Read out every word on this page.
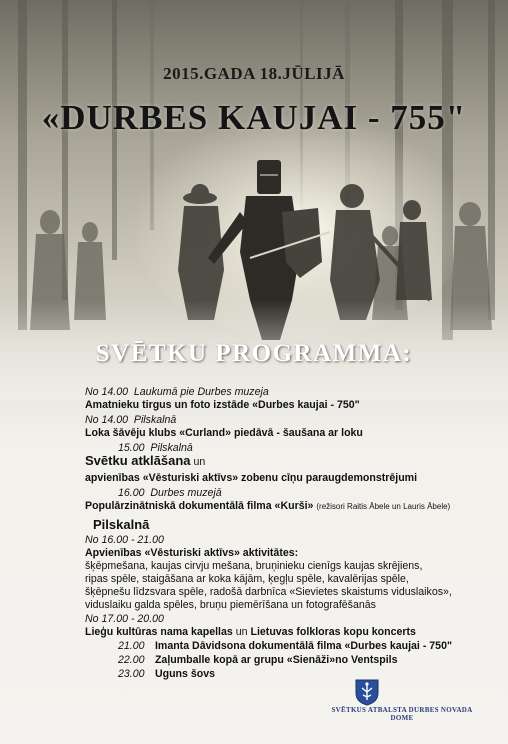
2015.GADA 18.JŪLIJĀ
«DURBES KAUJAI - 755"
SVĒTKU PROGRAMMA:
No 14.00 Laukumā pie Durbes muzeja
Amatnieku tirgus un foto izstāde «Durbes kaujai - 750"
No 14.00 Pilskalnā
Loka šāvēju klubs «Curland» piedāvā - šaušana ar loku
15.00 Pilskalnā
Svētku atklāšana un
apvienības «Vēsturiski aktīvs» zobenu cīņu paraugdemonstrējumi
16.00 Durbes muzejā
Populārzinātniskā dokumentālā filma «Kurši» (režisori Raitis Ābele un Lauris Ābele)
Pilskalnā
No 16.00 - 21.00
Apvienības «Vēsturiski aktīvs» aktivitātes:
šķēpmešana, kaujas cirvju mešana, bruņinieku cienīgs kaujas skrējiens,
ripas spēle, staigāšana ar koka kājām, ķegļu spēle, kavalērijas spēle,
šķēpnešu līdzsvara spēle, radošā darbnīca «Sievietes skaistums viduslaikos»,
viduslaiku galda spēles, bruņu piemērīšana un fotografēšanās
No 17.00 - 20.00
Lieģu kultūras nama kapellas un Lietuvas folkloras kopu koncerts
21.00 Imanta Dāvidsona dokumentālā filma «Durbes kaujai - 750"
22.00 Zaļumballe kopā ar grupu «Sienāži»no Ventspils
23.00 Uguns šovs
SVĒTKUS ATBALSTA DURBES NOVADA DOME
